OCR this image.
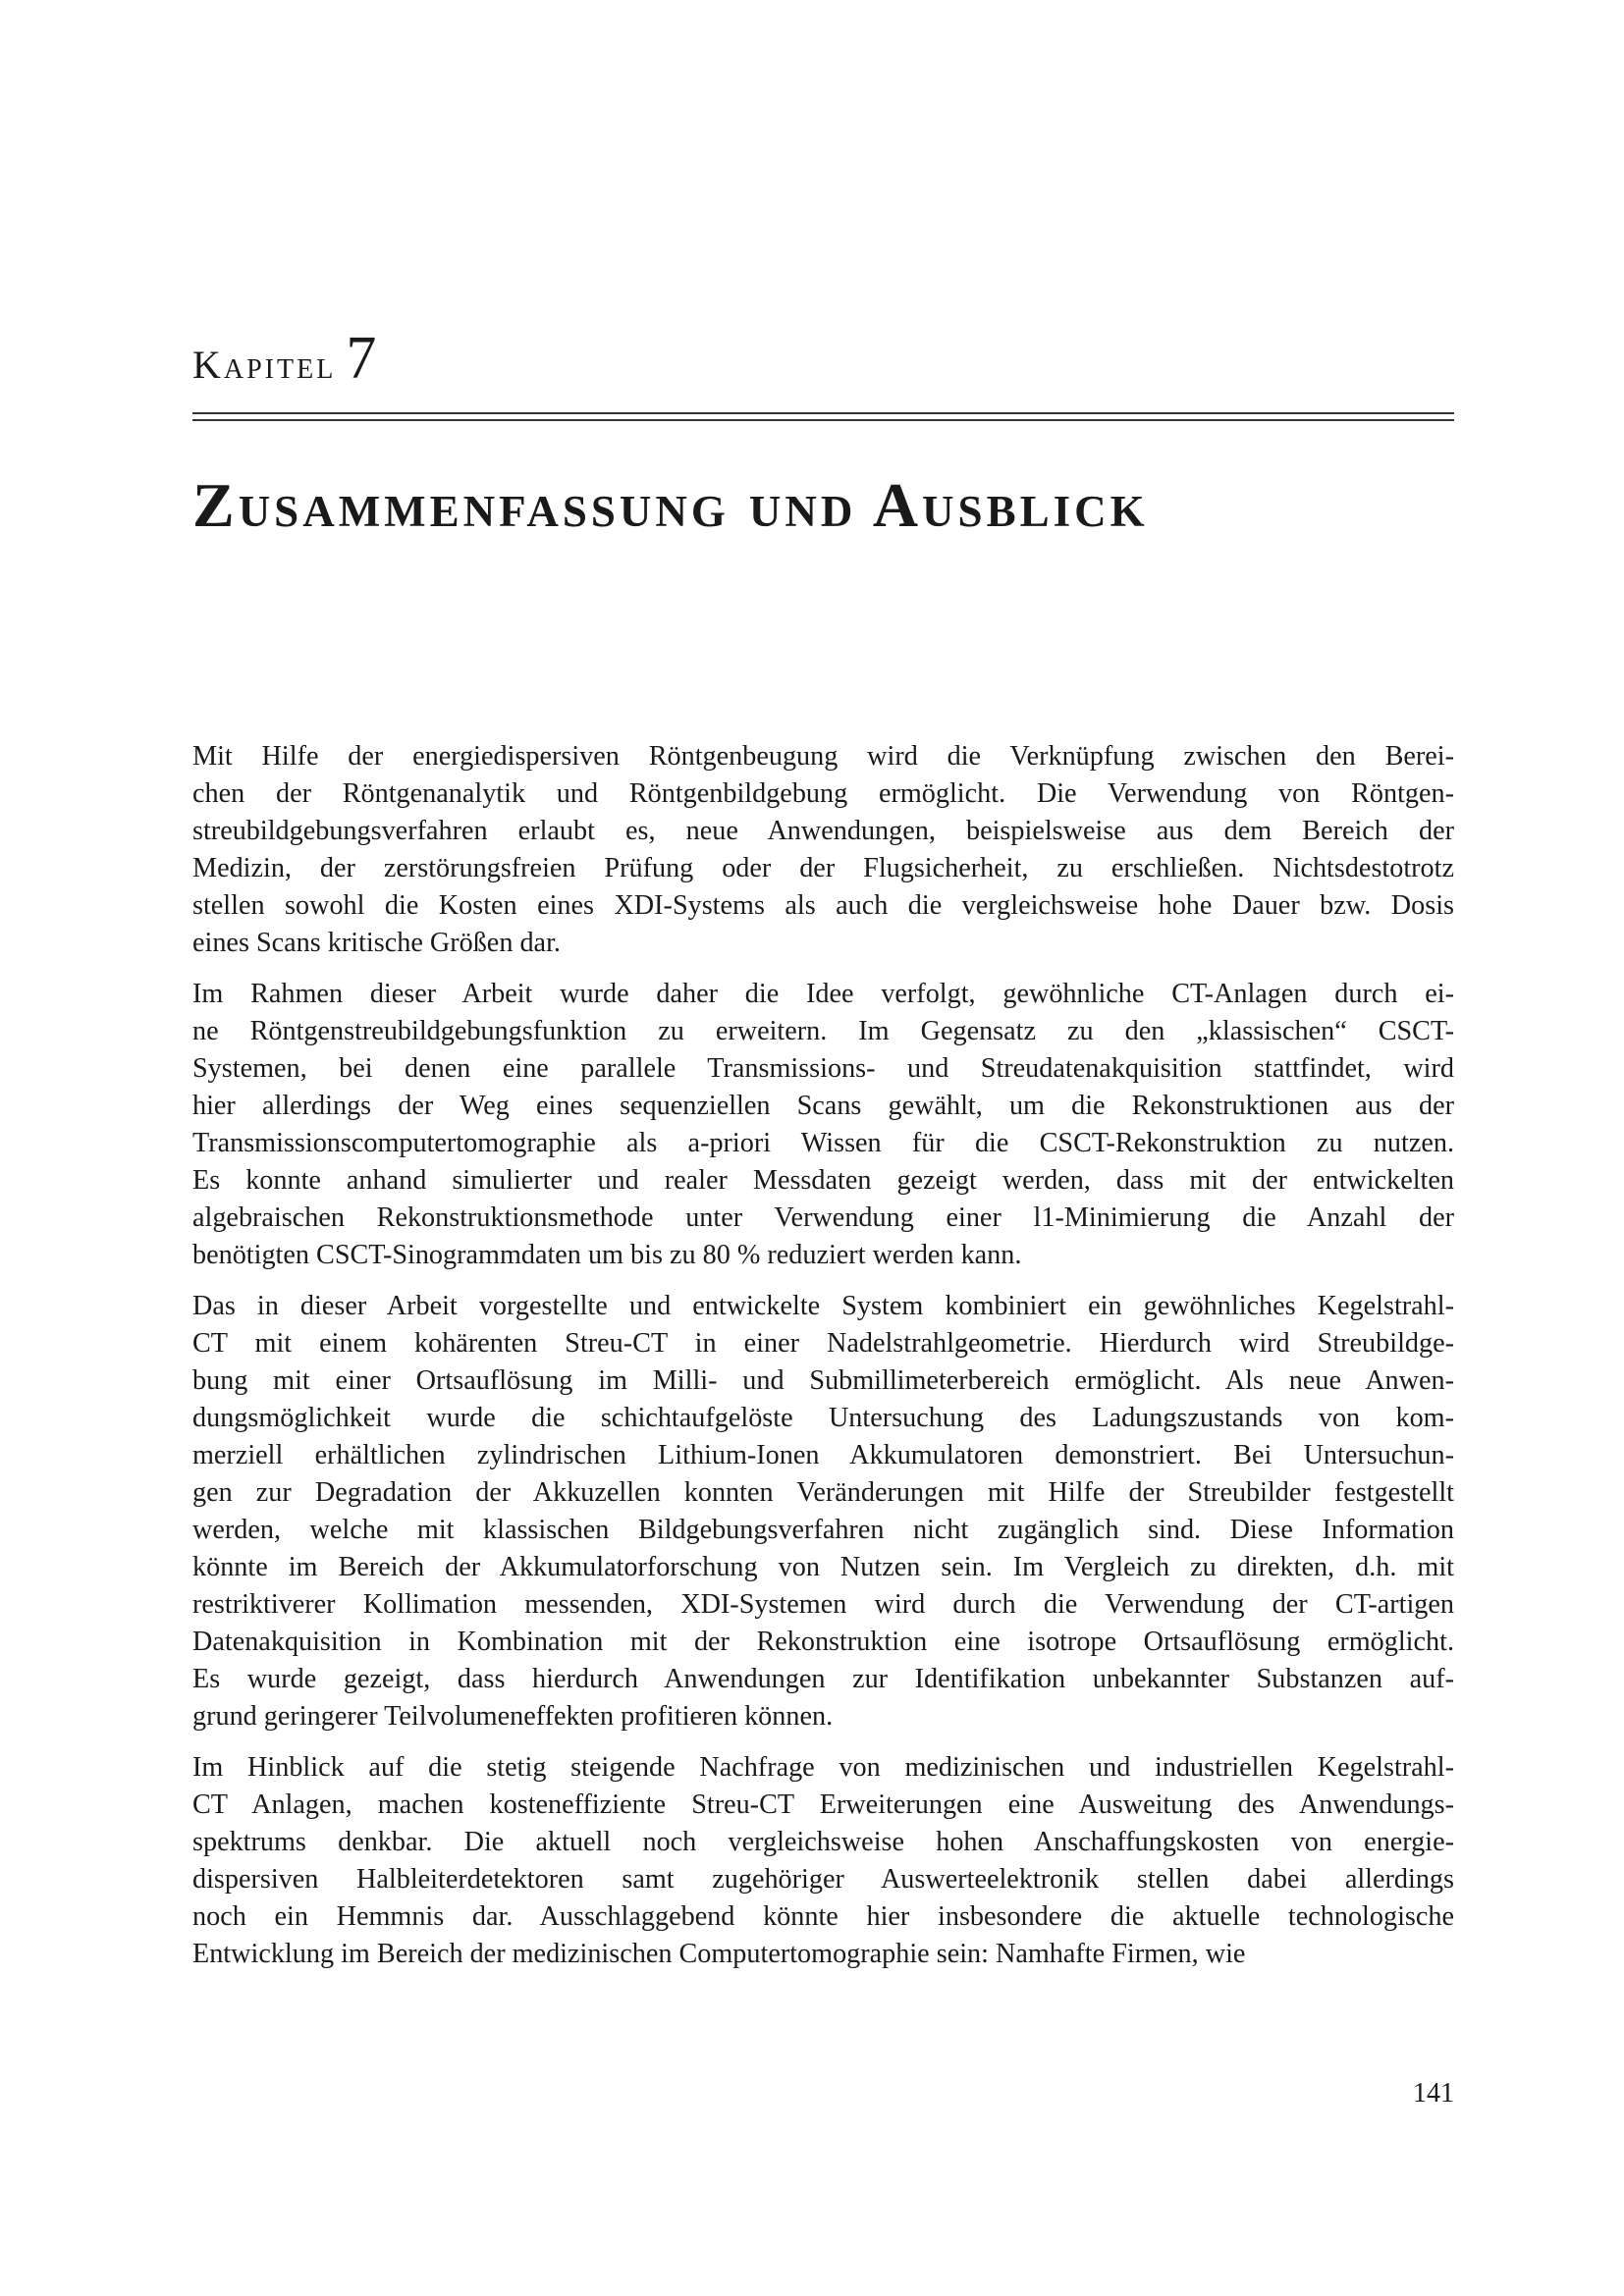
Kapitel 7
Zusammenfassung und Ausblick
Mit Hilfe der energiedispersiven Röntgenbeugung wird die Verknüpfung zwischen den Berei-
chen der Röntgenanalytik und Röntgenbildgebung ermöglicht. Die Verwendung von Röntgen-
streubildgebungsverfahren erlaubt es, neue Anwendungen, beispielsweise aus dem Bereich der
Medizin, der zerstörungsfreien Prüfung oder der Flugsicherheit, zu erschließen. Nichtsdestotrotz
stellen sowohl die Kosten eines XDI-Systems als auch die vergleichsweise hohe Dauer bzw. Dosis
eines Scans kritische Größen dar.
Im Rahmen dieser Arbeit wurde daher die Idee verfolgt, gewöhnliche CT-Anlagen durch ei-
ne Röntgenstreubildgebungsfunktion zu erweitern. Im Gegensatz zu den „klassischen“ CSCT-
Systemen, bei denen eine parallele Transmissions- und Streudatenakquisition stattfindet, wird
hier allerdings der Weg eines sequenziellen Scans gewählt, um die Rekonstruktionen aus der
Transmissionscomputertomographie als a-priori Wissen für die CSCT-Rekonstruktion zu nutzen.
Es konnte anhand simulierter und realer Messdaten gezeigt werden, dass mit der entwickelten
algebraischen Rekonstruktionsmethode unter Verwendung einer l1-Minimierung die Anzahl der
benötigten CSCT-Sinogrammdaten um bis zu 80 % reduziert werden kann.
Das in dieser Arbeit vorgestellte und entwickelte System kombiniert ein gewöhnliches Kegelstrahl-
CT mit einem kohärenten Streu-CT in einer Nadelstrahlgeometrie. Hierdurch wird Streubildge-
bung mit einer Ortsauflösung im Milli- und Submillimeterbereich ermöglicht. Als neue Anwen-
dungsmöglichkeit wurde die schichtaufgelöste Untersuchung des Ladungszustands von kom-
merziell erhältlichen zylindrischen Lithium-Ionen Akkumulatoren demonstriert. Bei Untersuchun-
gen zur Degradation der Akkuzellen konnten Veränderungen mit Hilfe der Streubilder festgestellt
werden, welche mit klassischen Bildgebungsverfahren nicht zugänglich sind. Diese Information
könnte im Bereich der Akkumulatorforschung von Nutzen sein. Im Vergleich zu direkten, d.h. mit
restriktiverer Kollimation messenden, XDI-Systemen wird durch die Verwendung der CT-artigen
Datenakquisition in Kombination mit der Rekonstruktion eine isotrope Ortsauflösung ermöglicht.
Es wurde gezeigt, dass hierdurch Anwendungen zur Identifikation unbekannter Substanzen auf-
grund geringerer Teilvolumeneffekten profitieren können.
Im Hinblick auf die stetig steigende Nachfrage von medizinischen und industriellen Kegelstrahl-
CT Anlagen, machen kosteneffiziente Streu-CT Erweiterungen eine Ausweitung des Anwendungs-
spektrums denkbar. Die aktuell noch vergleichsweise hohen Anschaffungskosten von energie-
dispersiven Halbleiterdetektoren samt zugehöriger Auswerteelektronik stellen dabei allerdings
noch ein Hemmnis dar. Ausschlaggebend könnte hier insbesondere die aktuelle technologische
Entwicklung im Bereich der medizinischen Computertomographie sein: Namhafte Firmen, wie
141
